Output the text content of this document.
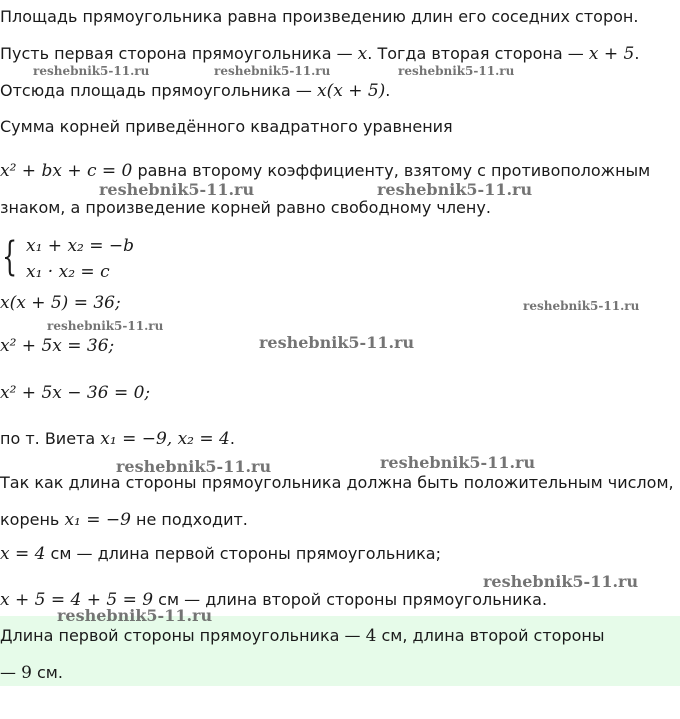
Площадь прямоугольника равна произведению длин его соседних сторон.
Пусть первая сторона прямоугольника — x. Тогда вторая сторона — x + 5.
Отсюда площадь прямоугольника — x(x + 5).
Сумма корней приведённого квадратного уравнения
x² + bx + c = 0 равна второму коэффициенту, взятому с противоположным
знаком, а произведение корней равно свободному члену.
{ x₁ + x₂ = −b
x₁ · x₂ = c
x(x + 5) = 36;
x² + 5x = 36;
x² + 5x − 36 = 0;
по т. Виета x₁ = −9, x₂ = 4.
Так как длина стороны прямоугольника должна быть положительным числом,
корень x₁ = −9 не подходит.
x = 4 см — длина первой стороны прямоугольника;
x + 5 = 4 + 5 = 9 см — длина второй стороны прямоугольника.
Длина первой стороны прямоугольника — 4 см, длина второй стороны
— 9 см.
reshebnik5-11.ru	reshebnik5-11.ru	reshebnik5-11.ru
reshebnik5-11.ru	reshebnik5-11.ru
reshebnik5-11.ru
reshebnik5-11.ru
reshebnik5-11.ru
reshebnik5-11.ru	reshebnik5-11.ru
reshebnik5-11.ru
reshebnik5-11.ru
